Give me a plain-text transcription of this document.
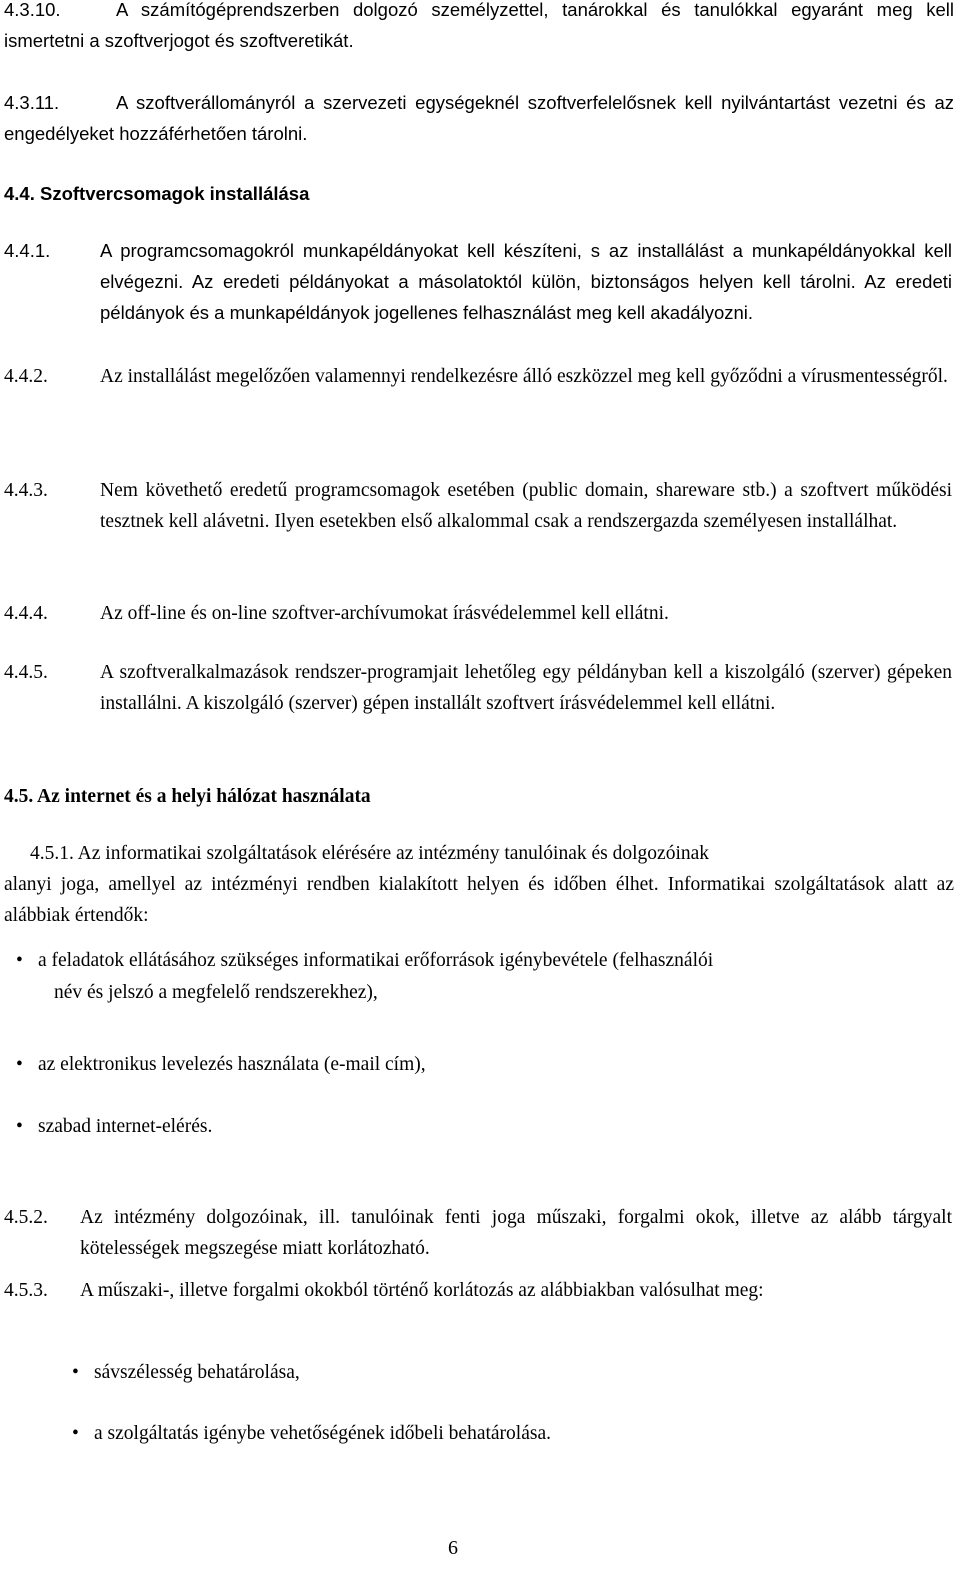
4.3.10.	A számítógéprendszerben dolgozó személyzettel, tanárokkal és tanulókkal egyaránt meg kell ismertetni a szoftverjogot és szoftveretikát.
4.3.11.	A szoftverállományról a szervezeti egységeknél szoftverfelelősnek kell nyilvántartást vezetni és az engedélyeket hozzáférhetően tárolni.
4.4. Szoftvercsomagok installálása
4.4.1.	A programcsomagokról munkapéldányokat kell készíteni, s az installálást a munkapéldányokkal kell elvégezni. Az eredeti példányokat a másolatoktól külön, biztonságos helyen kell tárolni. Az eredeti példányok és a munkapéldányok jogellenes felhasználást meg kell akadályozni.
4.4.2.	Az installálást megelőzően valamennyi rendelkezésre álló eszközzel meg kell győződni a vírusmentességről.
4.4.3.	Nem követhető eredetű programcsomagok esetében (public domain, shareware stb.) a szoftvert működési tesztnek kell alávetni. Ilyen esetekben első alkalommal csak a rendszergazda személyesen installálhat.
4.4.4.	Az off-line és on-line szoftver-archívumokat írásvédelemmel kell ellátni.
4.4.5.	A szoftveralkalmazások rendszer-programjait lehetőleg egy példányban kell a kiszolgáló (szerver) gépeken installálni. A kiszolgáló (szerver) gépen installált szoftvert írásvédelemmel kell ellátni.
4.5. Az internet és a helyi hálózat használata
4.5.1. Az informatikai szolgáltatások elérésére az intézmény tanulóinak és dolgozóinak
alanyi joga, amellyel az intézményi rendben kialakított helyen és időben élhet. Informatikai szolgáltatások alatt az alábbiak értendők:
• a feladatok ellátásához szükséges informatikai erőforrások igénybevétele (felhasználói
név és jelszó a megfelelő rendszerekhez),
• az elektronikus levelezés használata (e-mail cím),
• szabad internet-elérés.
4.5.2. Az intézmény dolgozóinak, ill. tanulóinak fenti joga műszaki, forgalmi okok, illetve az alább tárgyalt kötelességek megszegése miatt korlátozható.
4.5.3. A műszaki-, illetve forgalmi okokból történő korlátozás az alábbiakban valósulhat meg:
• sávszélesség behatárolása,
• a szolgáltatás igénybe vehetőségének időbeli behatárolása.
6
